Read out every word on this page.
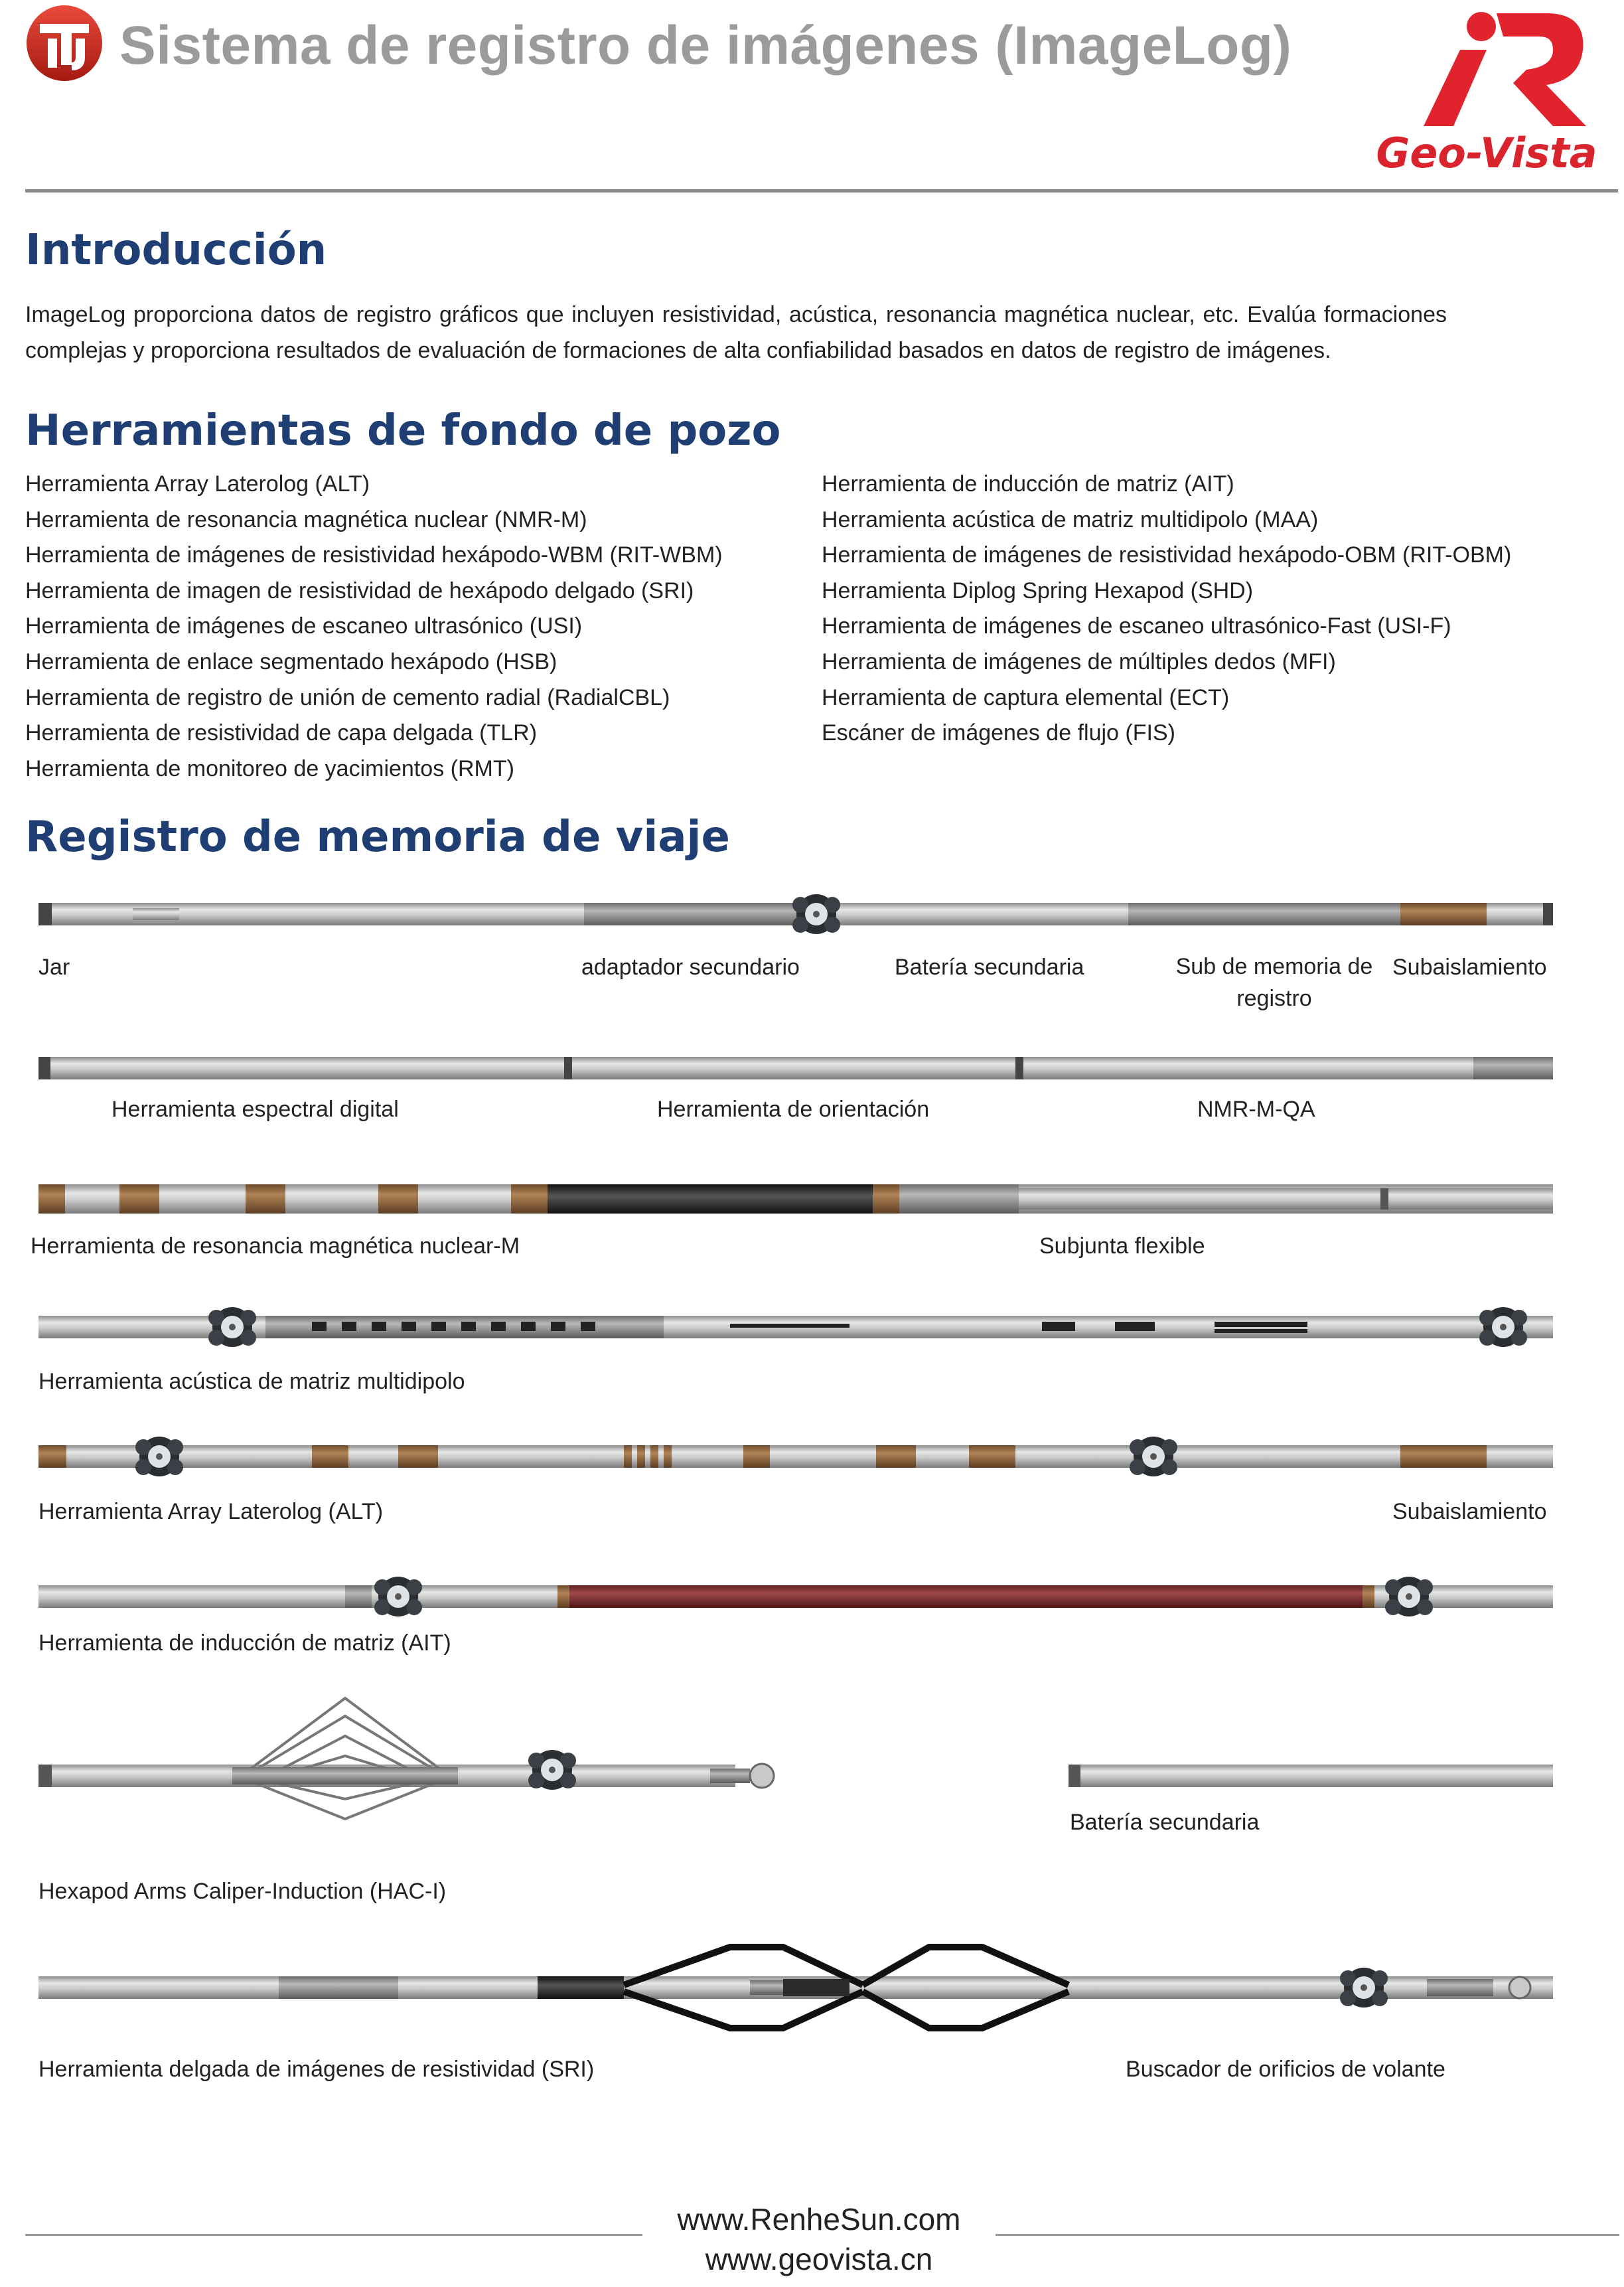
Sistema de registro de imágenes (ImageLog)
Geo-Vista
Introducción
ImageLog proporciona datos de registro gráficos que incluyen resistividad, acústica, resonancia magnética nuclear, etc. Evalúa formaciones complejas y proporciona resultados de evaluación de formaciones de alta confiabilidad basados en datos de registro de imágenes.
Herramientas de fondo de pozo
Herramienta Array Laterolog (ALT)
Herramienta de resonancia magnética nuclear (NMR-M)
Herramienta de imágenes de resistividad hexápodo-WBM (RIT-WBM)
Herramienta de imagen de resistividad de hexápodo delgado (SRI)
Herramienta de imágenes de escaneo ultrasónico (USI)
Herramienta de enlace segmentado hexápodo (HSB)
Herramienta de registro de unión de cemento radial (RadialCBL)
Herramienta de resistividad de capa delgada (TLR)
Herramienta de monitoreo de yacimientos (RMT)
Herramienta de inducción de matriz (AIT)
Herramienta acústica de matriz multidipolo (MAA)
Herramienta de imágenes de resistividad hexápodo-OBM (RIT-OBM)
Herramienta Diplog Spring Hexapod (SHD)
Herramienta de imágenes de escaneo ultrasónico-Fast (USI-F)
Herramienta de imágenes de múltiples dedos (MFI)
Herramienta de captura elemental (ECT)
Escáner de imágenes de flujo (FIS)
Registro de memoria de viaje
Jar	adaptador secundario	Batería secundaria	Sub de memoria de registro
Subaislamiento
Herramienta espectral digital	Herramienta de orientación	NMR-M-QA
Herramienta de resonancia magnética nuclear-M	Subjunta flexible
Herramienta acústica de matriz multidipolo
Herramienta Array Laterolog (ALT)	Subaislamiento
Herramienta de inducción de matriz (AIT)
Batería secundaria
Hexapod Arms Caliper-Induction (HAC-I)
Herramienta delgada de imágenes de resistividad (SRI)	Buscador de orificios de volante
www.RenheSun.com
www.geovista.cn
